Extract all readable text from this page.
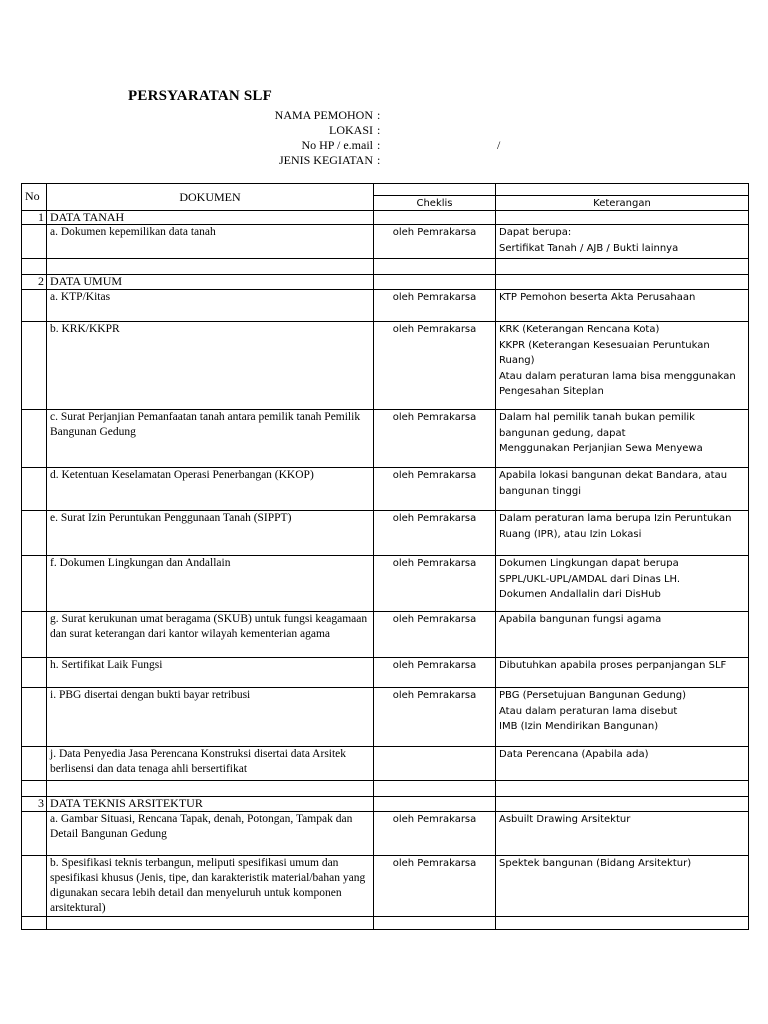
PERSYARATAN SLF
NAMA PEMOHON :
LOKASI :
No HP / e.mail :	/
JENIS KEGIATAN :
No	DOKUMEN		
		Cheklis	Keterangan
1	DATA TANAH		
	a. Dokumen kepemilikan data tanah	oleh Pemrakarsa	Dapat berupa:
Sertifikat Tanah / AJB / Bukti lainnya

2	DATA UMUM		
	a. KTP/Kitas	oleh Pemrakarsa	KTP Pemohon beserta Akta Perusahaan
	b. KRK/KKPR	oleh Pemrakarsa	KRK (Keterangan Rencana Kota)
KKPR (Keterangan Kesesuaian Peruntukan Ruang)
Atau dalam peraturan lama bisa menggunakan Pengesahan Siteplan
	c. Surat Perjanjian Pemanfaatan tanah antara pemilik tanah Pemilik Bangunan Gedung	oleh Pemrakarsa	Dalam hal pemilik tanah bukan pemilik bangunan gedung, dapat
Menggunakan Perjanjian Sewa Menyewa
	d. Ketentuan Keselamatan Operasi Penerbangan (KKOP)	oleh Pemrakarsa	Apabila lokasi bangunan dekat Bandara, atau bangunan tinggi
	e. Surat Izin Peruntukan Penggunaan Tanah (SIPPT)	oleh Pemrakarsa	Dalam peraturan lama berupa Izin Peruntukan Ruang (IPR), atau Izin Lokasi
	f. Dokumen Lingkungan dan Andallain	oleh Pemrakarsa	Dokumen Lingkungan dapat berupa
SPPL/UKL-UPL/AMDAL dari Dinas LH.
Dokumen Andallalin dari DisHub
	g. Surat kerukunan umat beragama (SKUB) untuk fungsi keagamaan dan surat keterangan dari kantor wilayah kementerian agama	oleh Pemrakarsa	Apabila bangunan fungsi agama
	h. Sertifikat Laik Fungsi	oleh Pemrakarsa	Dibutuhkan apabila proses perpanjangan SLF
	i. PBG disertai dengan bukti bayar retribusi	oleh Pemrakarsa	PBG (Persetujuan Bangunan Gedung)
Atau dalam peraturan lama disebut
IMB (Izin Mendirikan Bangunan)
	j. Data Penyedia Jasa Perencana Konstruksi disertai data Arsitek berlisensi dan data tenaga ahli bersertifikat		Data Perencana (Apabila ada)

3	DATA TEKNIS ARSITEKTUR		
	a. Gambar Situasi, Rencana Tapak, denah, Potongan, Tampak dan Detail Bangunan Gedung	oleh Pemrakarsa	Asbuilt Drawing Arsitektur
	b. Spesifikasi teknis terbangun, meliputi spesifikasi umum dan spesifikasi khusus (Jenis, tipe, dan karakteristik material/bahan yang digunakan secara lebih detail dan menyeluruh untuk komponen arsitektural)	oleh Pemrakarsa	Spektek bangunan (Bidang Arsitektur)
